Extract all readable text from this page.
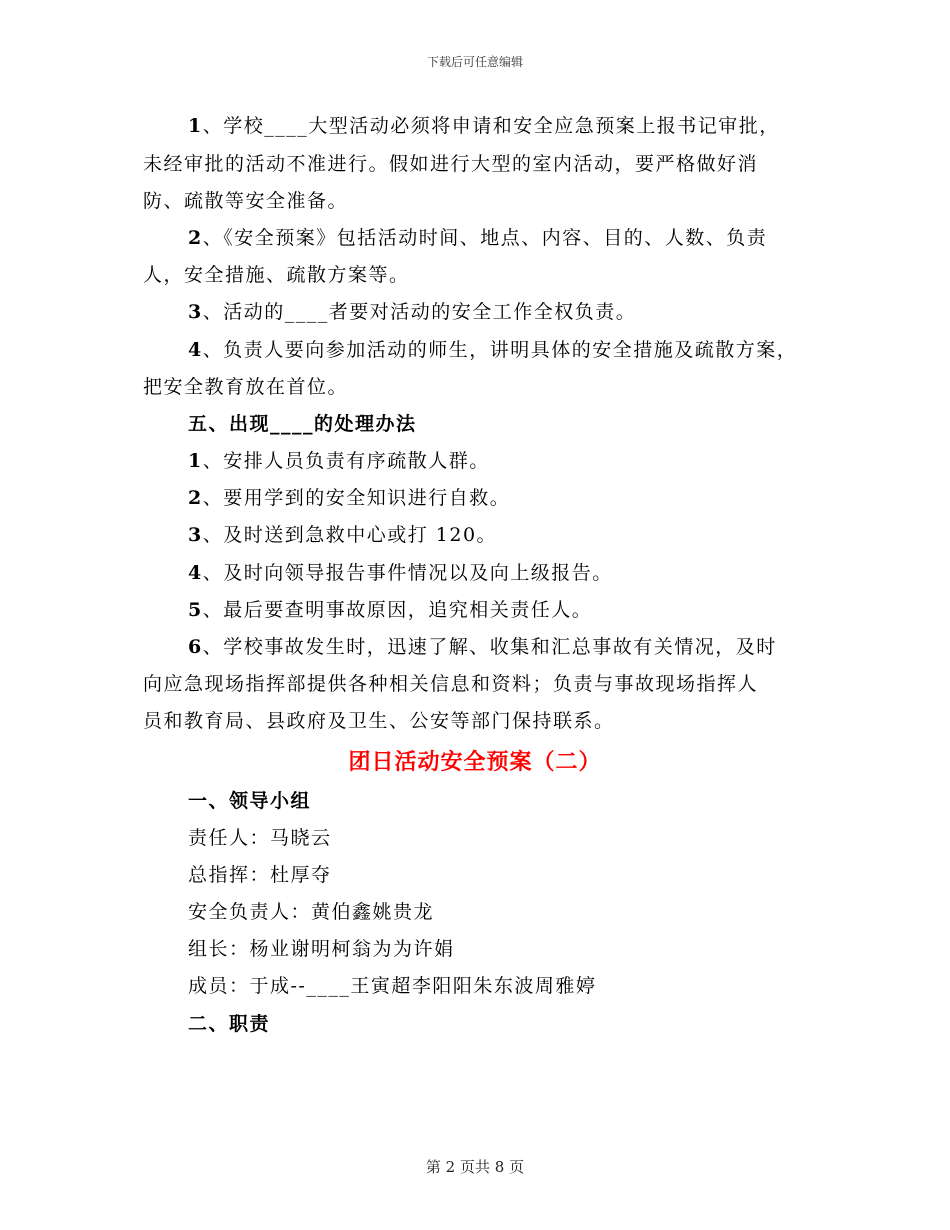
下载后可任意编辑
1、学校____大型活动必须将申请和安全应急预案上报书记审批，
未经审批的活动不准进行。假如进行大型的室内活动，要严格做好消
防、疏散等安全准备。
2、《安全预案》包括活动时间、地点、内容、目的、人数、负责
人，安全措施、疏散方案等。
3、活动的____者要对活动的安全工作全权负责。
4、负责人要向参加活动的师生，讲明具体的安全措施及疏散方案，
把安全教育放在首位。
五、出现____的处理办法
1、安排人员负责有序疏散人群。
2、要用学到的安全知识进行自救。
3、及时送到急救中心或打 120。
4、及时向领导报告事件情况以及向上级报告。
5、最后要查明事故原因，追究相关责任人。
6、学校事故发生时，迅速了解、收集和汇总事故有关情况，及时
向应急现场指挥部提供各种相关信息和资料；负责与事故现场指挥人
员和教育局、县政府及卫生、公安等部门保持联系。
一、领导小组
责任人：马晓云
总指挥：杜厚夺
安全负责人：黄伯鑫姚贵龙
组长：杨业谢明柯翁为为许娟
成员：于成--____王寅超李阳阳朱东波周雅婷
二、职责
团日活动安全预案（二）
第 2 页共 8 页
